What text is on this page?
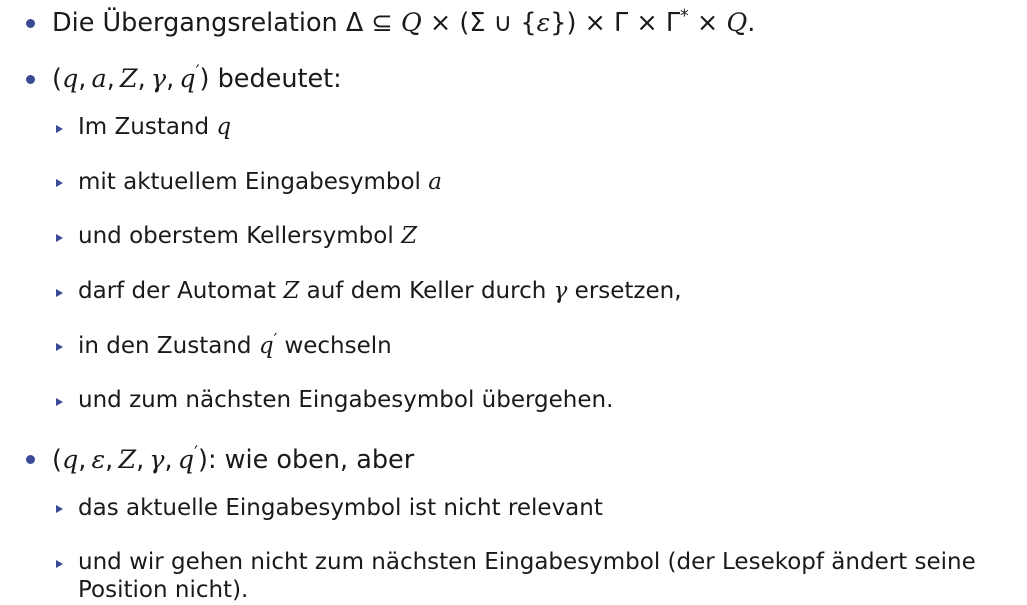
Die Übergangsrelation Δ ⊆ Q × (Σ ∪ {ε}) × Γ × Γ* × Q.
(q, a, Z, γ, q′) bedeutet:
Im Zustand q
mit aktuellem Eingabesymbol a
und oberstem Kellersymbol Z
darf der Automat Z auf dem Keller durch γ ersetzen,
in den Zustand q′ wechseln
und zum nächsten Eingabesymbol übergehen.
(q, ε, Z, γ, q′): wie oben, aber
das aktuelle Eingabesymbol ist nicht relevant
und wir gehen nicht zum nächsten Eingabesymbol (der Lesekopf ändert seine Position nicht).
